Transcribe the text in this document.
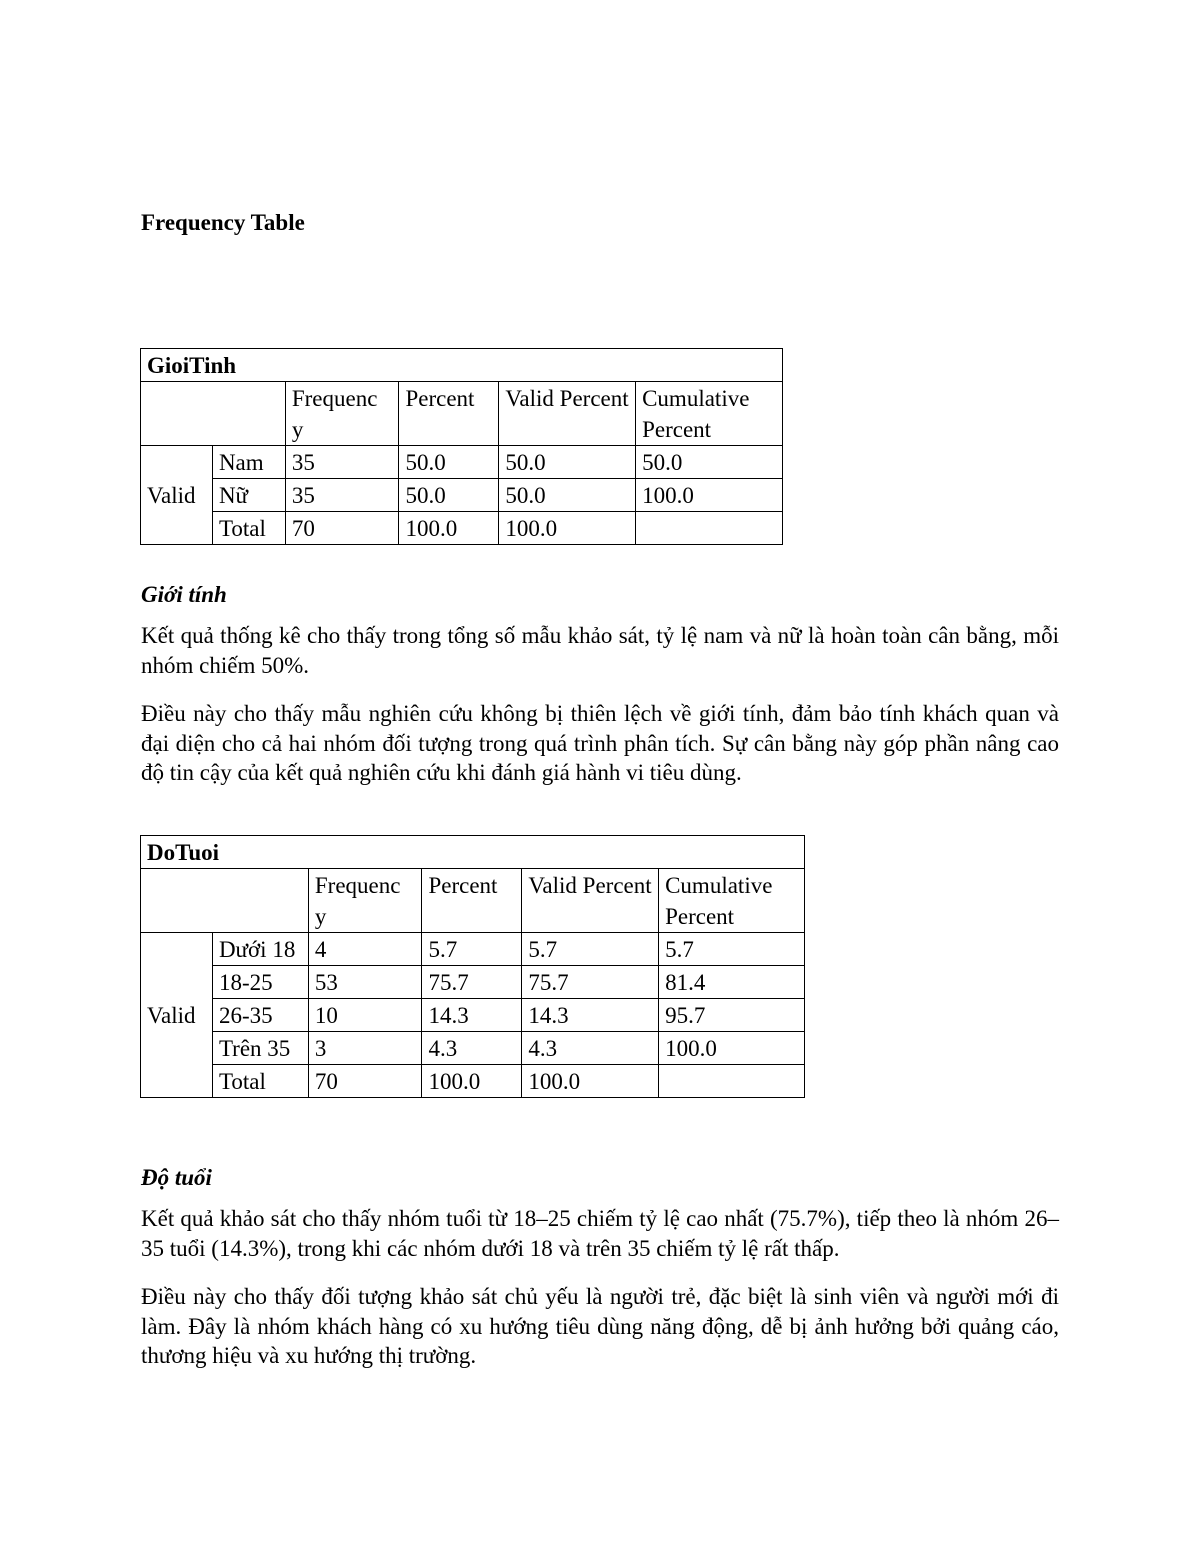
Frequency Table
GioiTinh					
		Frequenc y	Percent	Valid Percent	Cumulative Percent
Valid	Nam	35	50.0	50.0	50.0
	Nữ	35	50.0	50.0	100.0
	Total	70	100.0	100.0	
Giới tính

Kết quả thống kê cho thấy trong tổng số mẫu khảo sát, tỷ lệ nam và nữ là hoàn toàn cân bằng, mỗi nhóm chiếm 50%.

Điều này cho thấy mẫu nghiên cứu không bị thiên lệch về giới tính, đảm bảo tính khách quan và đại diện cho cả hai nhóm đối tượng trong quá trình phân tích. Sự cân bằng này góp phần nâng cao độ tin cậy của kết quả nghiên cứu khi đánh giá hành vi tiêu dùng.

DoTuoi					
		Frequenc y	Percent	Valid Percent	Cumulative Percent
Valid	Dưới 18	4	5.7	5.7	5.7
	18-25	53	75.7	75.7	81.4
	26-35	10	14.3	14.3	95.7
	Trên 35	3	4.3	4.3	100.0
	Total	70	100.0	100.0	
Độ tuổi

Kết quả khảo sát cho thấy nhóm tuổi từ 18–25 chiếm tỷ lệ cao nhất (75.7%), tiếp theo là nhóm 26–35 tuổi (14.3%), trong khi các nhóm dưới 18 và trên 35 chiếm tỷ lệ rất thấp.

Điều này cho thấy đối tượng khảo sát chủ yếu là người trẻ, đặc biệt là sinh viên và người mới đi làm. Đây là nhóm khách hàng có xu hướng tiêu dùng năng động, dễ bị ảnh hưởng bởi quảng cáo, thương hiệu và xu hướng thị trường.
